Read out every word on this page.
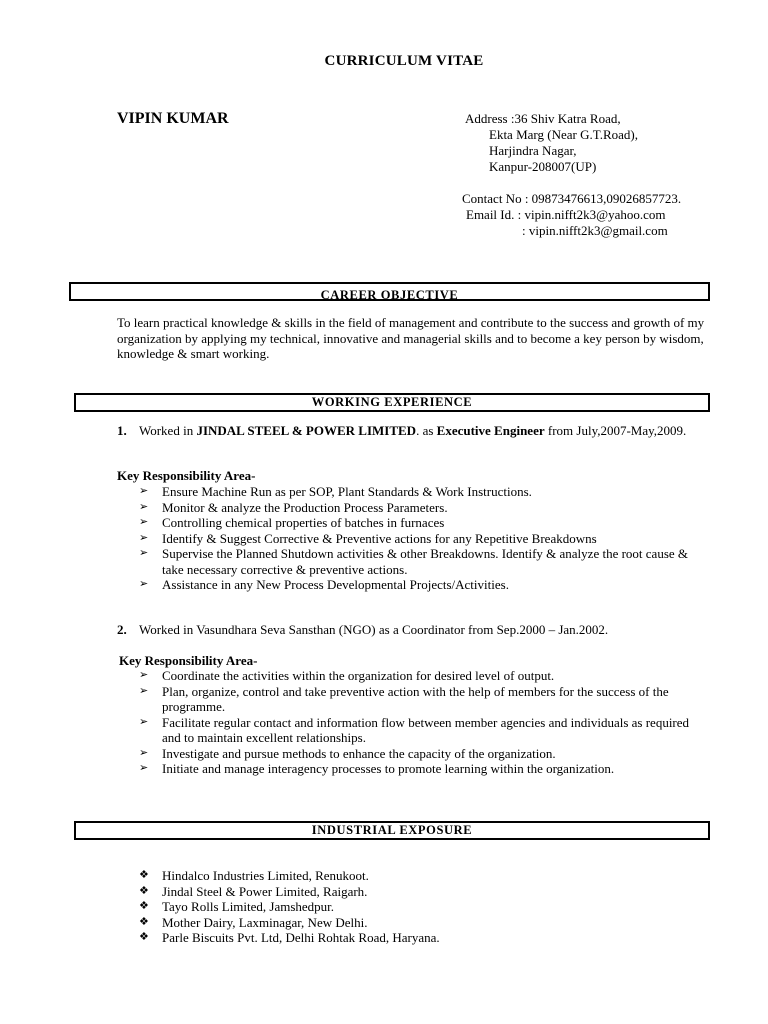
CURRICULUM VITAE
VIPIN KUMAR	Address :36 Shiv Katra Road,
Ekta Marg (Near G.T.Road),
Harjindra Nagar,
Kanpur-208007(UP)
Contact No : 09873476613,09026857723.
Email Id. : vipin.nifft2k3@yahoo.com
: vipin.nifft2k3@gmail.com
CAREER OBJECTIVE
To learn practical knowledge & skills in the field of management and contribute to the success and growth of my organization by applying my technical, innovative and managerial skills and to become a key person by wisdom, knowledge & smart working.
WORKING EXPERIENCE
1. Worked in JINDAL STEEL & POWER LIMITED. as Executive Engineer from July,2007-May,2009.
Key Responsibility Area-
➢ Ensure Machine Run as per SOP, Plant Standards & Work Instructions.
➢ Monitor & analyze the Production Process Parameters.
➢ Controlling chemical properties of batches in furnaces
➢ Identify & Suggest Corrective & Preventive actions for any Repetitive Breakdowns
➢ Supervise the Planned Shutdown activities & other Breakdowns. Identify & analyze the root cause & take necessary corrective & preventive actions.
➢ Assistance in any New Process Developmental Projects/Activities.
2. Worked in Vasundhara Seva Sansthan (NGO) as a Coordinator from Sep.2000 – Jan.2002.
Key Responsibility Area-
➢ Coordinate the activities within the organization for desired level of output.
➢ Plan, organize, control and take preventive action with the help of members for the success of the programme.
➢ Facilitate regular contact and information flow between member agencies and individuals as required and to maintain excellent relationships.
➢ Investigate and pursue methods to enhance the capacity of the organization.
➢ Initiate and manage interagency processes to promote learning within the organization.
INDUSTRIAL EXPOSURE
❖ Hindalco Industries Limited, Renukoot.
❖ Jindal Steel & Power Limited, Raigarh.
❖ Tayo Rolls Limited, Jamshedpur.
❖ Mother Dairy, Laxminagar, New Delhi.
❖ Parle Biscuits Pvt. Ltd, Delhi Rohtak Road, Haryana.
